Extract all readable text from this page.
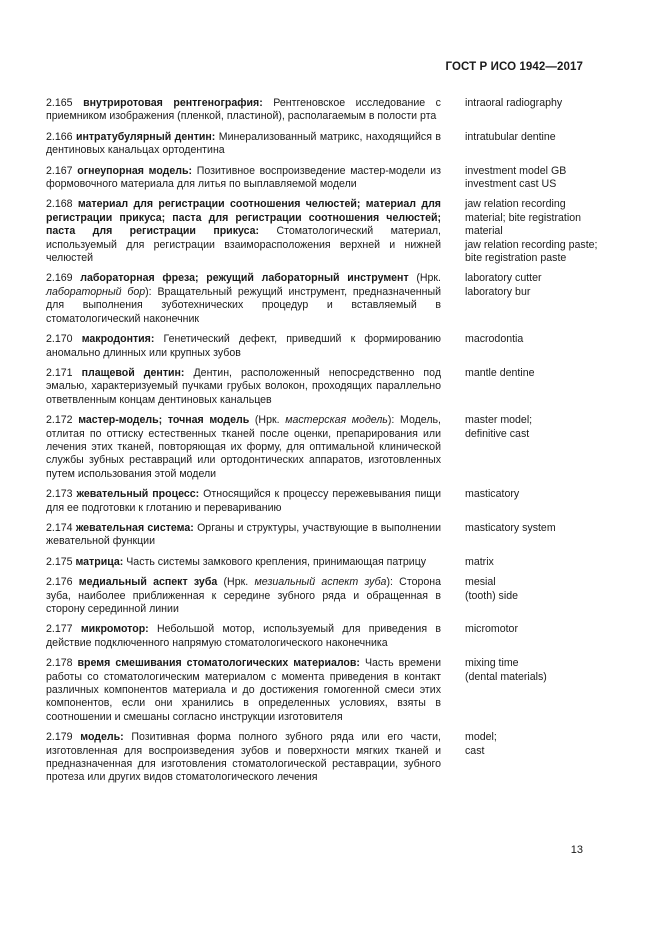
ГОСТ Р ИСО 1942—2017
2.165 внутриротовая рентгенография: Рентгеновское исследование с приемником изображения (пленкой, пластиной), располагаемым в полости рта
intraoral radiography
2.166 интратубулярный дентин: Минерализованный матрикс, находящийся в дентиновых канальцах ортодентина
intratubular dentine
2.167 огнеупорная модель: Позитивное воспроизведение мастер-модели из формовочного материала для литья по выплавляемой модели
investment model GB
investment cast US
2.168 материал для регистрации соотношения челюстей; материал для регистрации прикуса; паста для регистрации соотношения челюстей; паста для регистрации прикуса: Стоматологический материал, используемый для регистрации взаиморасположения верхней и нижней челюстей
jaw relation recording material; bite registration material
jaw relation recording paste; bite registration paste
2.169 лабораторная фреза; режущий лабораторный инструмент (Нрк. лабораторный бор): Вращательный режущий инструмент, предназначенный для выполнения зуботехнических процедур и вставляемый в стоматологический наконечник
laboratory cutter
laboratory bur
2.170 макродонтия: Генетический дефект, приведший к формированию аномально длинных или крупных зубов
macrodontia
2.171 плащевой дентин: Дентин, расположенный непосредственно под эмалью, характеризуемый пучками грубых волокон, проходящих параллельно ответвленным концам дентиновых канальцев
mantle dentine
2.172 мастер-модель; точная модель (Нрк. мастерская модель): Модель, отлитая по оттиску естественных тканей после оценки, препарирования или лечения этих тканей, повторяющая их форму, для оптимальной клинической службы зубных реставраций или ортодонтических аппаратов, изготовленных путем использования этой модели
master model;
definitive cast
2.173 жевательный процесс: Относящийся к процессу пережевывания пищи для ее подготовки к глотанию и перевариванию
masticatory
2.174 жевательная система: Органы и структуры, участвующие в выполнении жевательной функции
masticatory system
2.175 матрица: Часть системы замкового крепления, принимающая патрицу	matrix
2.176 медиальный аспект зуба (Нрк. мезиальный аспект зуба): Сторона зуба, наиболее приближенная к середине зубного ряда и обращенная в сторону серединной линии
mesial
(tooth) side
2.177 микромотор: Небольшой мотор, используемый для приведения в действие подключенного напрямую стоматологического наконечника
micromotor
2.178 время смешивания стоматологических материалов: Часть времени работы со стоматологическим материалом с момента приведения в контакт различных компонентов материала и до достижения гомогенной смеси этих компонентов, если они хранились в определенных условиях, взяты в соотношении и смешаны согласно инструкции изготовителя
mixing time
(dental materials)
2.179 модель: Позитивная форма полного зубного ряда или его части, изготовленная для воспроизведения зубов и поверхности мягких тканей и предназначенная для изготовления стоматологической реставрации, зубного протеза или других видов стоматологического лечения
model;
cast
13
